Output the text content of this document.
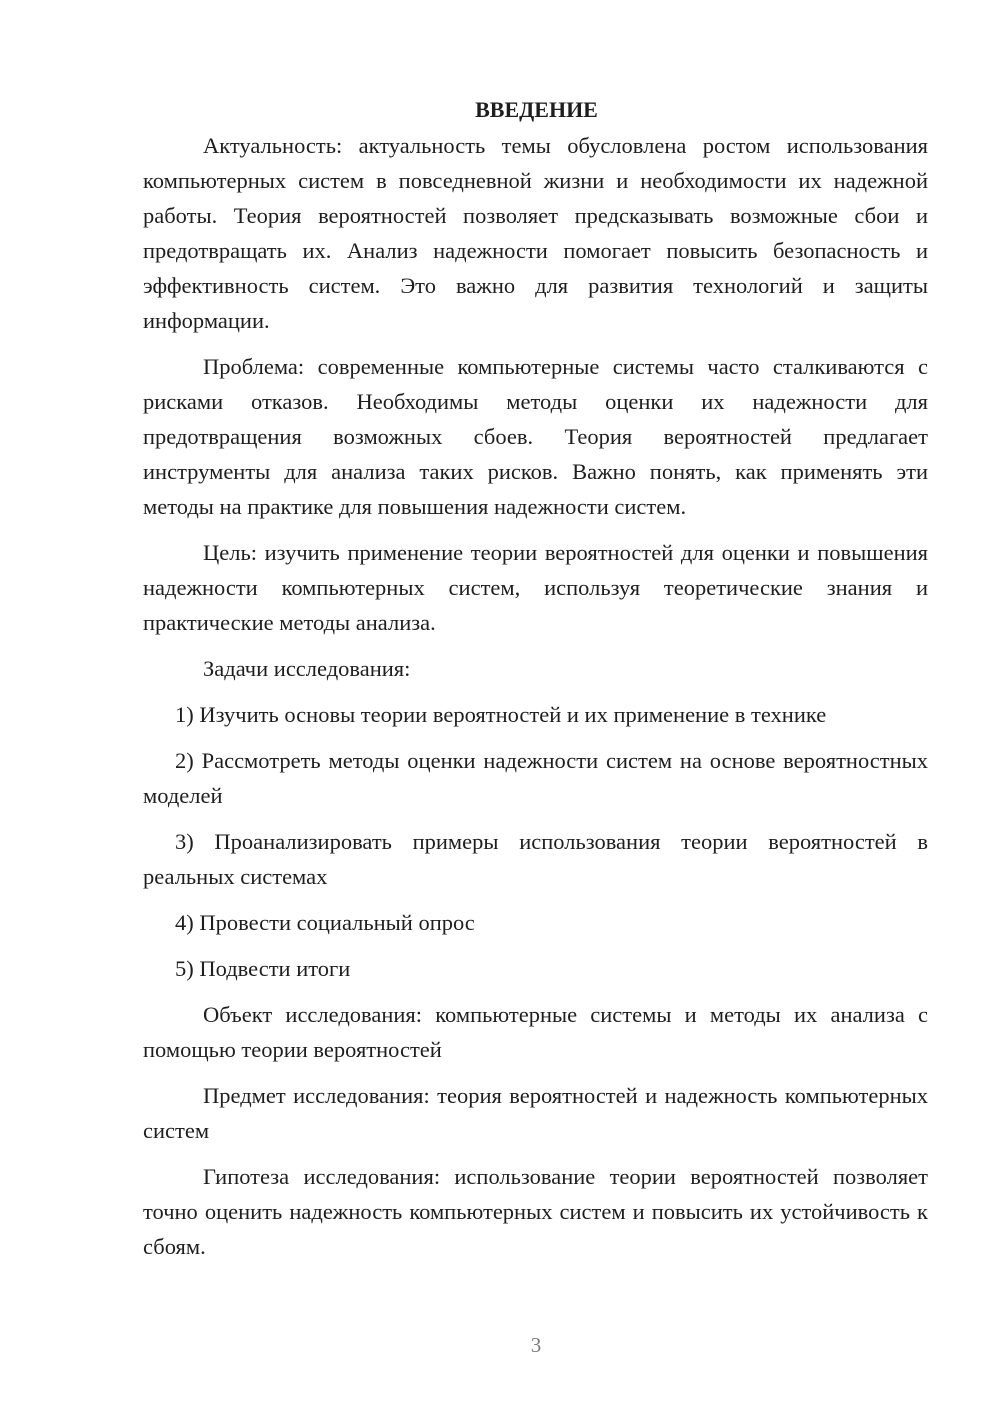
ВВЕДЕНИЕ

Актуальность: актуальность темы обусловлена ростом использования компьютерных систем в повседневной жизни и необходимости их надежной работы. Теория вероятностей позволяет предсказывать возможные сбои и предотвращать их. Анализ надежности помогает повысить безопасность и эффективность систем. Это важно для развития технологий и защиты информации.

Проблема: современные компьютерные системы часто сталкиваются с рисками отказов. Необходимы методы оценки их надежности для предотвращения возможных сбоев. Теория вероятностей предлагает инструменты для анализа таких рисков. Важно понять, как применять эти методы на практике для повышения надежности систем.

Цель: изучить применение теории вероятностей для оценки и повышения надежности компьютерных систем, используя теоретические знания и практические методы анализа.

Задачи исследования:

1) Изучить основы теории вероятностей и их применение в технике

2) Рассмотреть методы оценки надежности систем на основе вероятностных моделей

3) Проанализировать примеры использования теории вероятностей в реальных системах

4) Провести социальный опрос

5) Подвести итоги

Объект исследования: компьютерные системы и методы их анализа с помощью теории вероятностей

Предмет исследования: теория вероятностей и надежность компьютерных систем

Гипотеза исследования: использование теории вероятностей позволяет точно оценить надежность компьютерных систем и повысить их устойчивость к сбоям.

3
